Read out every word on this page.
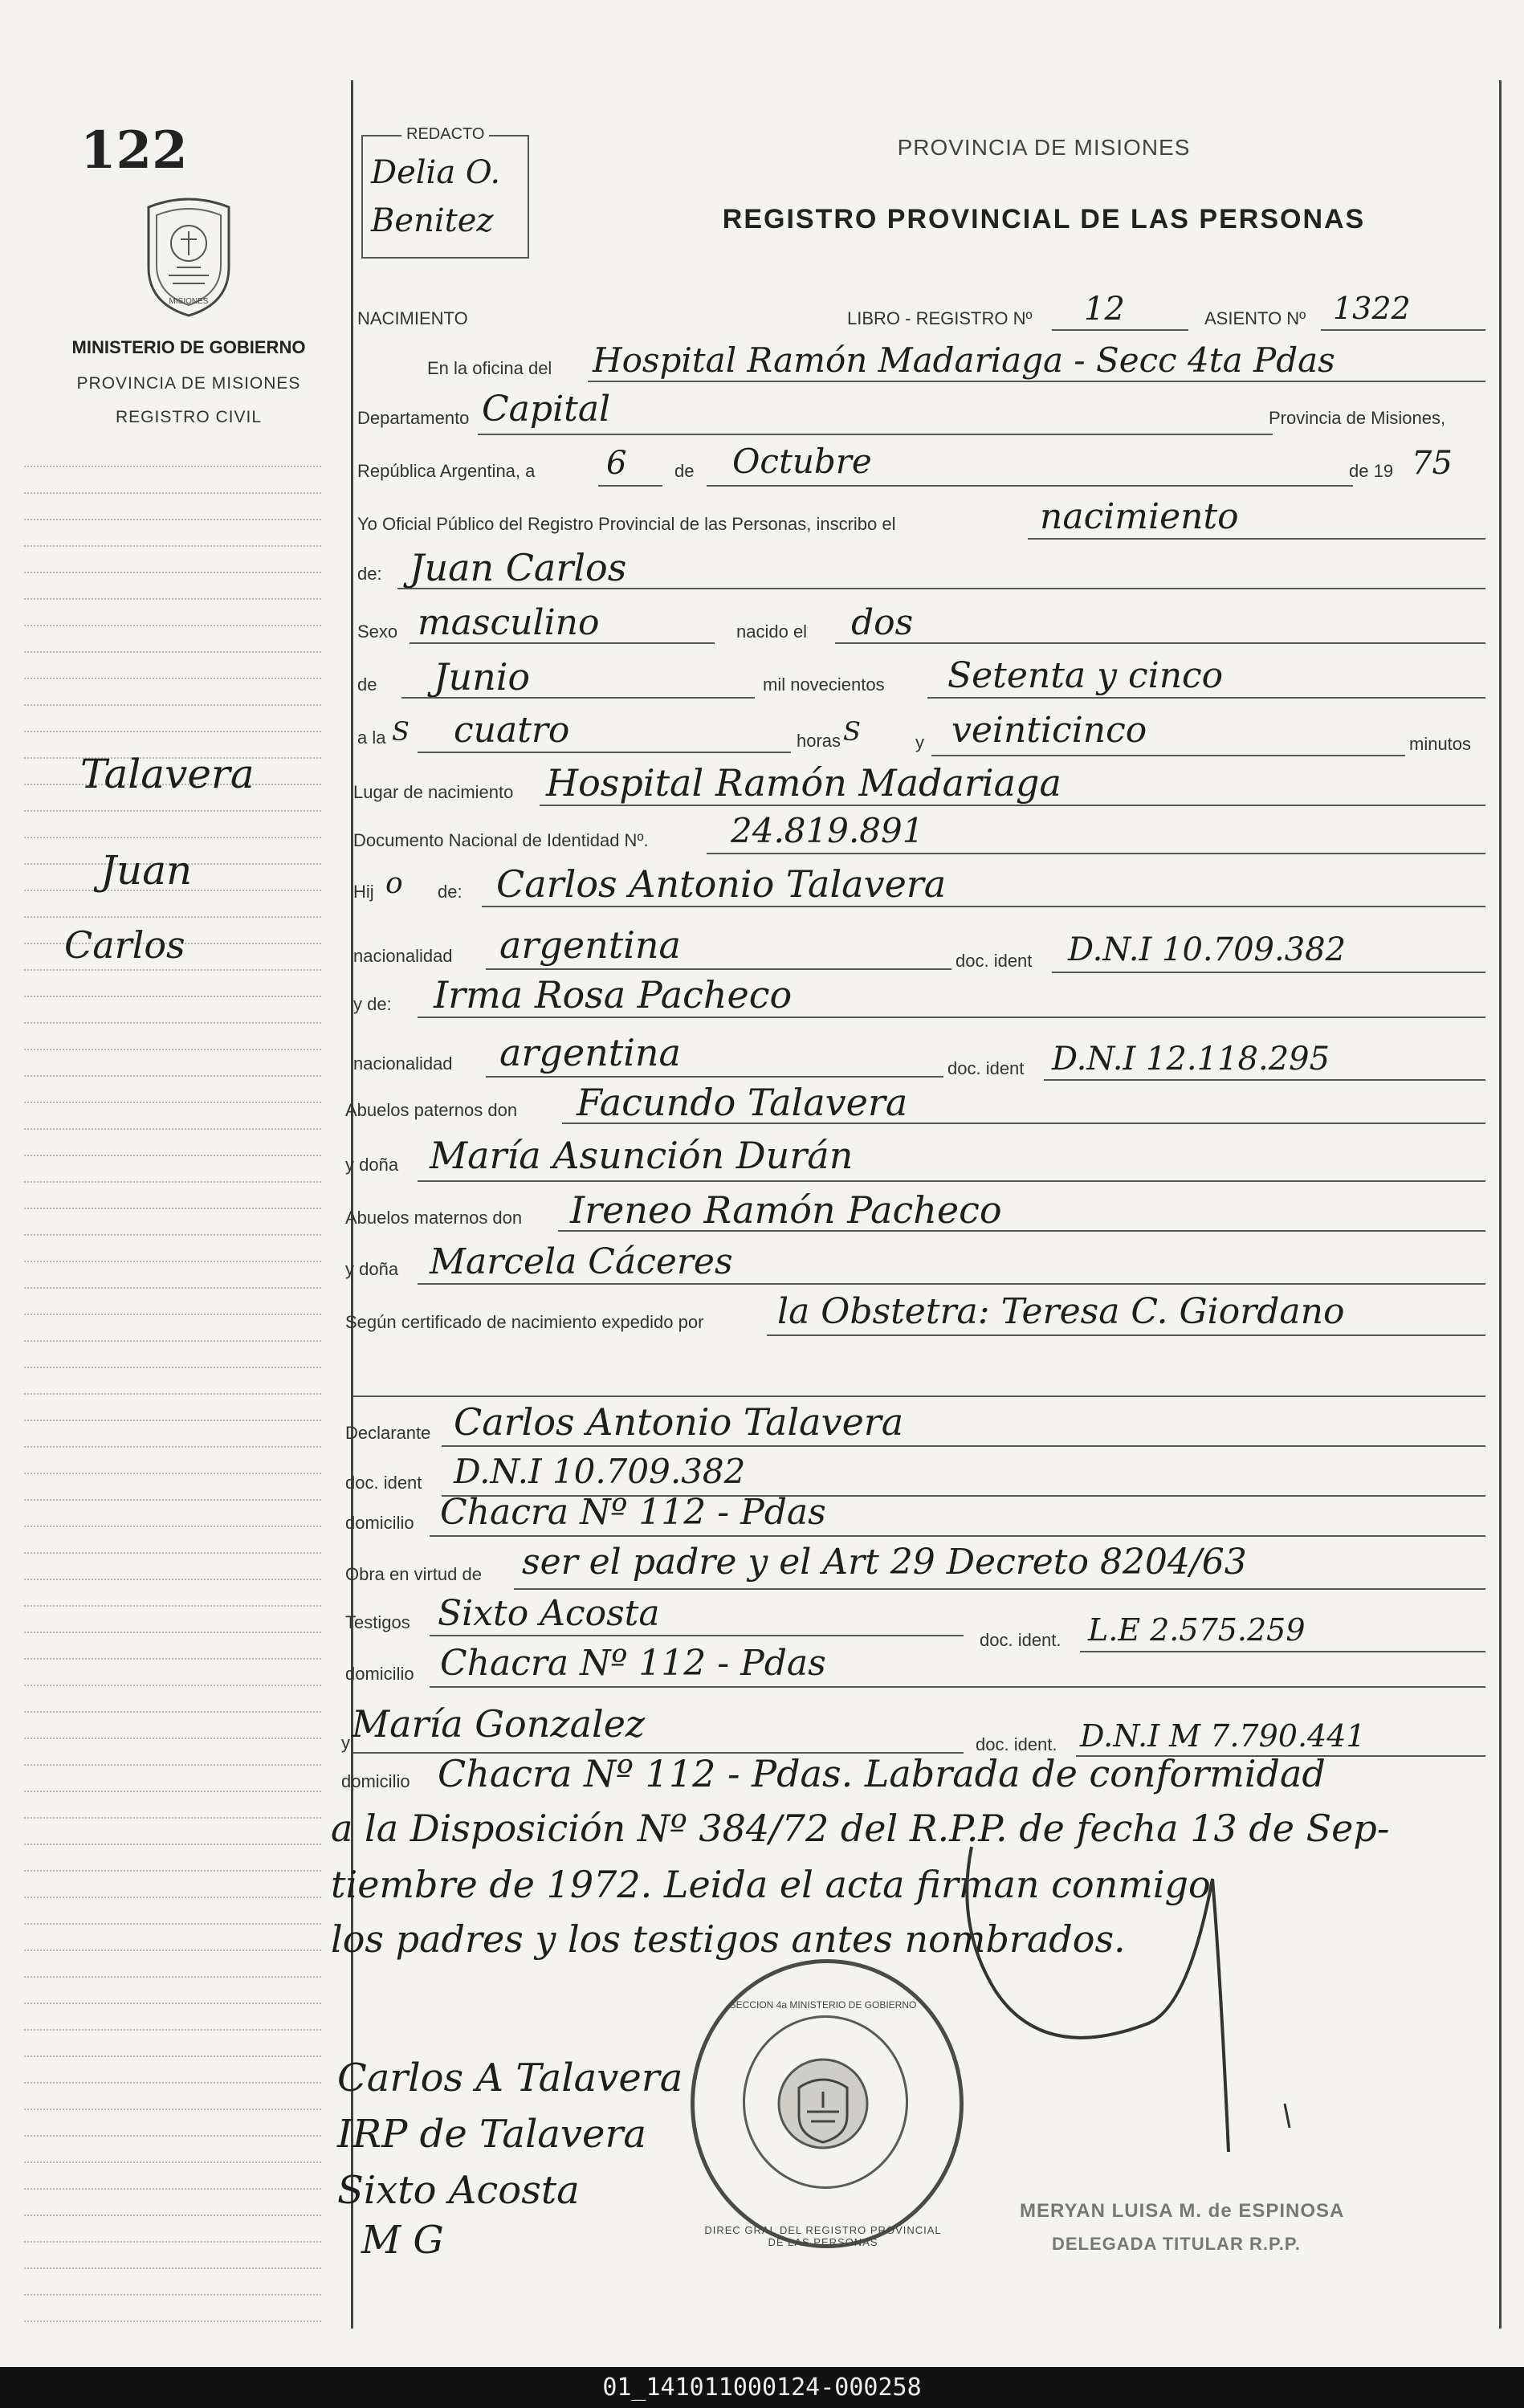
122
MISIONES
MINISTERIO DE GOBIERNO
PROVINCIA DE MISIONES
REGISTRO CIVIL
Talavera
Juan
Carlos
REDACTO
Delia O.
Benitez
PROVINCIA DE MISIONES
REGISTRO PROVINCIAL DE LAS PERSONAS
NACIMIENTO	LIBRO - REGISTRO Nº 12	ASIENTO Nº 1322
En la oficina del Hospital Ramón Madariaga - Secc 4ta Pdas
Departamento Capital	Provincia de Misiones,
República Argentina, a 6	de Octubre	de 19 75
Yo Oficial Público del Registro Provincial de las Personas, inscribo el	nacimiento
de: Juan Carlos
Sexo masculino	nacido el dos
de Junio	mil novecientos Setenta y cinco
a la S cuatro	horas S	y veinticinco	minutos
Lugar de nacimiento Hospital Ramón Madariaga
Documento Nacional de Identidad Nº. 24.819.891
Hij o de: Carlos Antonio Talavera
nacionalidad argentina	doc. ident D.N.I 10.709.382
y de: Irma Rosa Pacheco
nacionalidad argentina	doc. ident D.N.I 12.118.295
Abuelos paternos don Facundo Talavera
y doña María Asunción Durán
Abuelos maternos don Ireneo Ramón Pacheco
y doña Marcela Cáceres
Según certificado de nacimiento expedido por la Obstetra: Teresa C. Giordano
Declarante Carlos Antonio Talavera
doc. ident D.N.I 10.709.382
domicilio Chacra Nº 112 - Pdas
Obra en virtud de ser el padre y el Art 29 Decreto 8204/63
Testigos Sixto Acosta
doc. ident. L.E 2.575.259
domicilio Chacra Nº 112 - Pdas
y María Gonzalez	doc. ident. D.N.I M 7.790.441
domicilio Chacra Nº 112 - Pdas. Labrada de conformidad
a la Disposición Nº 384/72 del R.P.P. de fecha 13 de Sep-
tiembre de 1972. Leida el acta firman conmigo
los padres y los testigos antes nombrados.
DIREC GRAL DEL REGISTRO PROVINCIAL DE LAS PERSONAS
SECCION 4a MINISTERIO DE GOBIERNO
Carlos A Talavera
IRP de Talavera
Sixto Acosta
M G
MERYAN LUISA M. de ESPINOSA
DELEGADA TITULAR R.P.P.
01_141011000124-000258
